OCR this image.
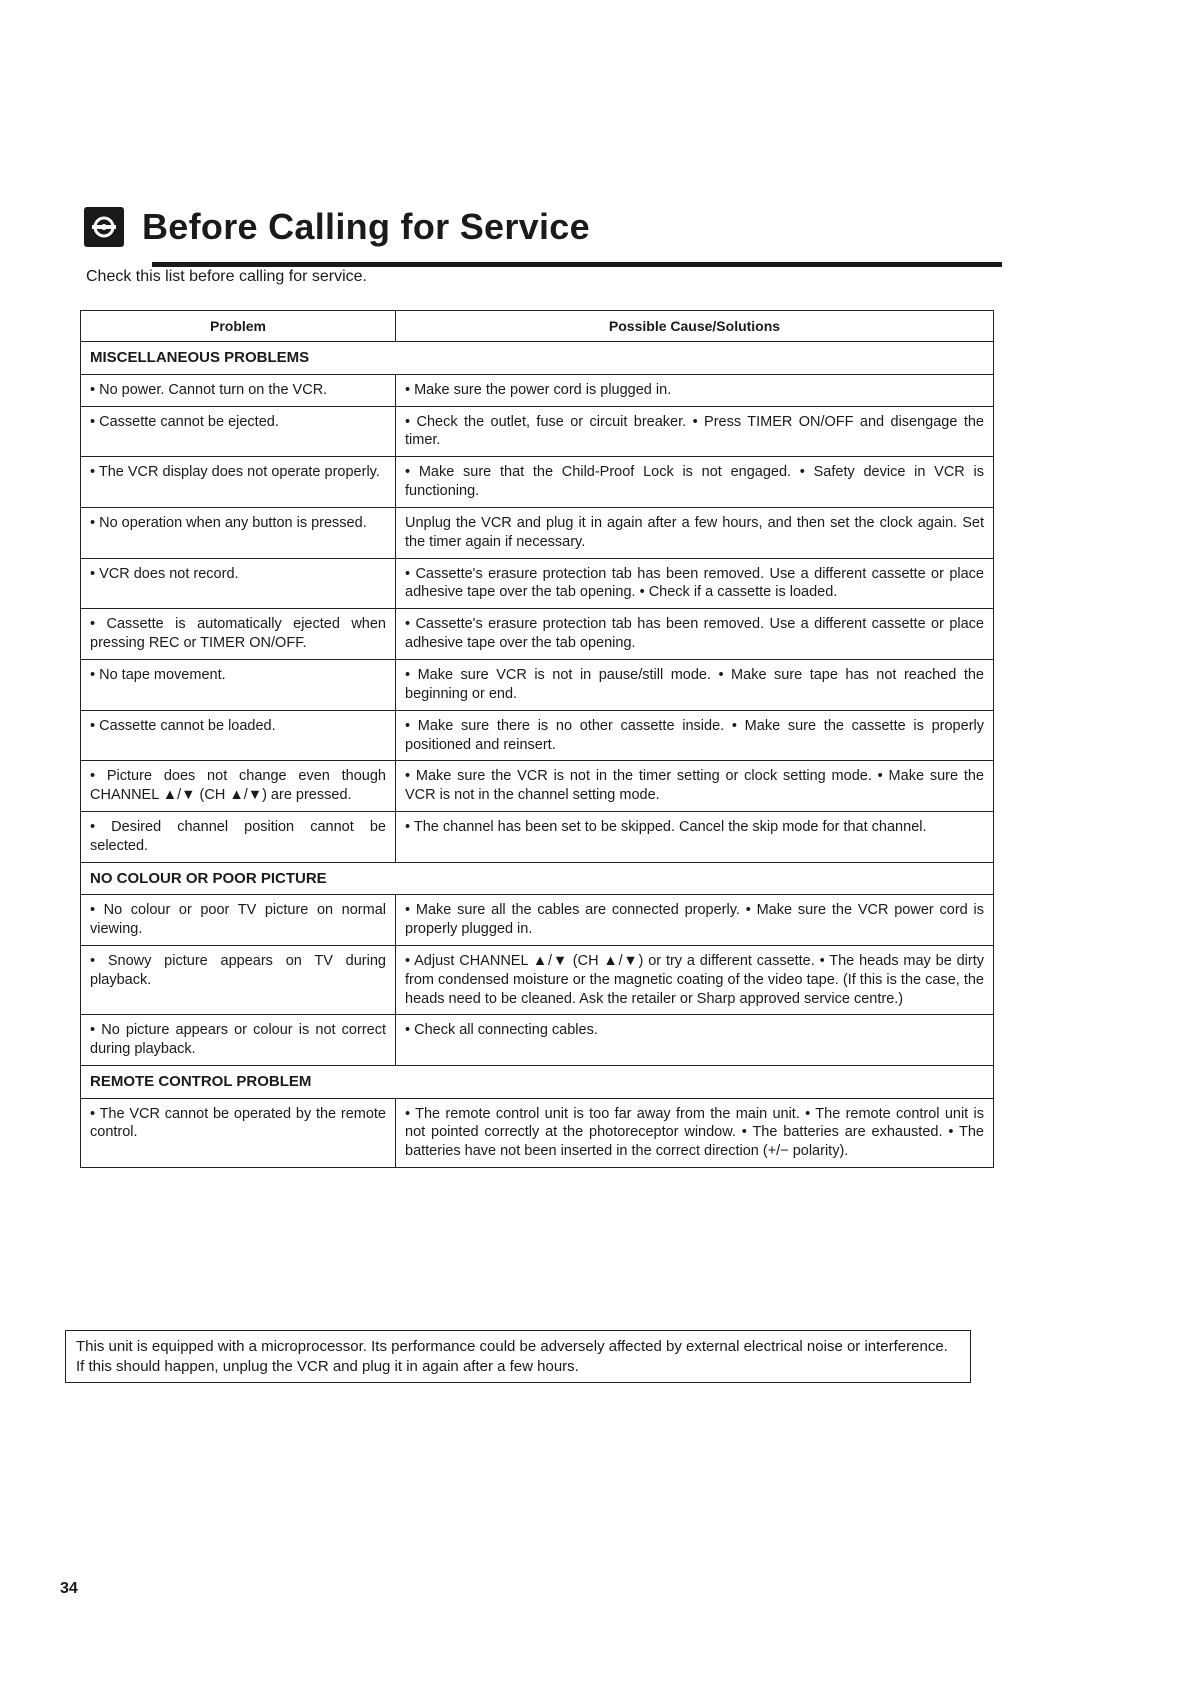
Before Calling for Service
Check this list before calling for service.
Problem	Possible Cause/Solutions
MISCELLANEOUS PROBLEMS	
• No power. Cannot turn on the VCR.	• Make sure the power cord is plugged in.
• Cassette cannot be ejected.	• Check the outlet, fuse or circuit breaker. • Press TIMER ON/OFF and disengage the timer.
• The VCR display does not operate properly.	• Make sure that the Child-Proof Lock is not engaged. • Safety device in VCR is functioning.
• No operation when any button is pressed.	Unplug the VCR and plug it in again after a few hours, and then set the clock again. Set the timer again if necessary.
• VCR does not record.	• Cassette's erasure protection tab has been removed. Use a different cassette or place adhesive tape over the tab opening. • Check if a cassette is loaded.
• Cassette is automatically ejected when pressing REC or TIMER ON/OFF.	• Cassette's erasure protection tab has been removed. Use a different cassette or place adhesive tape over the tab opening.
• No tape movement.	• Make sure VCR is not in pause/still mode. • Make sure tape has not reached the beginning or end.
• Cassette cannot be loaded.	• Make sure there is no other cassette inside. • Make sure the cassette is properly positioned and reinsert.
• Picture does not change even though CHANNEL ▲/▼ (CH ▲/▼) are pressed.	• Make sure the VCR is not in the timer setting or clock setting mode. • Make sure the VCR is not in the channel setting mode.
• Desired channel position cannot be selected.	• The channel has been set to be skipped. Cancel the skip mode for that channel.
NO COLOUR OR POOR PICTURE	
• No colour or poor TV picture on normal viewing.	• Make sure all the cables are connected properly. • Make sure the VCR power cord is properly plugged in.
• Snowy picture appears on TV during playback.	• Adjust CHANNEL ▲/▼ (CH ▲/▼) or try a different cassette. • The heads may be dirty from condensed moisture or the magnetic coating of the video tape. (If this is the case, the heads need to be cleaned. Ask the retailer or Sharp approved service centre.)
• No picture appears or colour is not correct during playback.	• Check all connecting cables.
REMOTE CONTROL PROBLEM	
• The VCR cannot be operated by the remote control.	• The remote control unit is too far away from the main unit. • The remote control unit is not pointed correctly at the photoreceptor window. • The batteries are exhausted. • The batteries have not been inserted in the correct direction (+/− polarity).
This unit is equipped with a microprocessor. Its performance could be adversely affected by external electrical noise or interference. If this should happen, unplug the VCR and plug it in again after a few hours.
34
